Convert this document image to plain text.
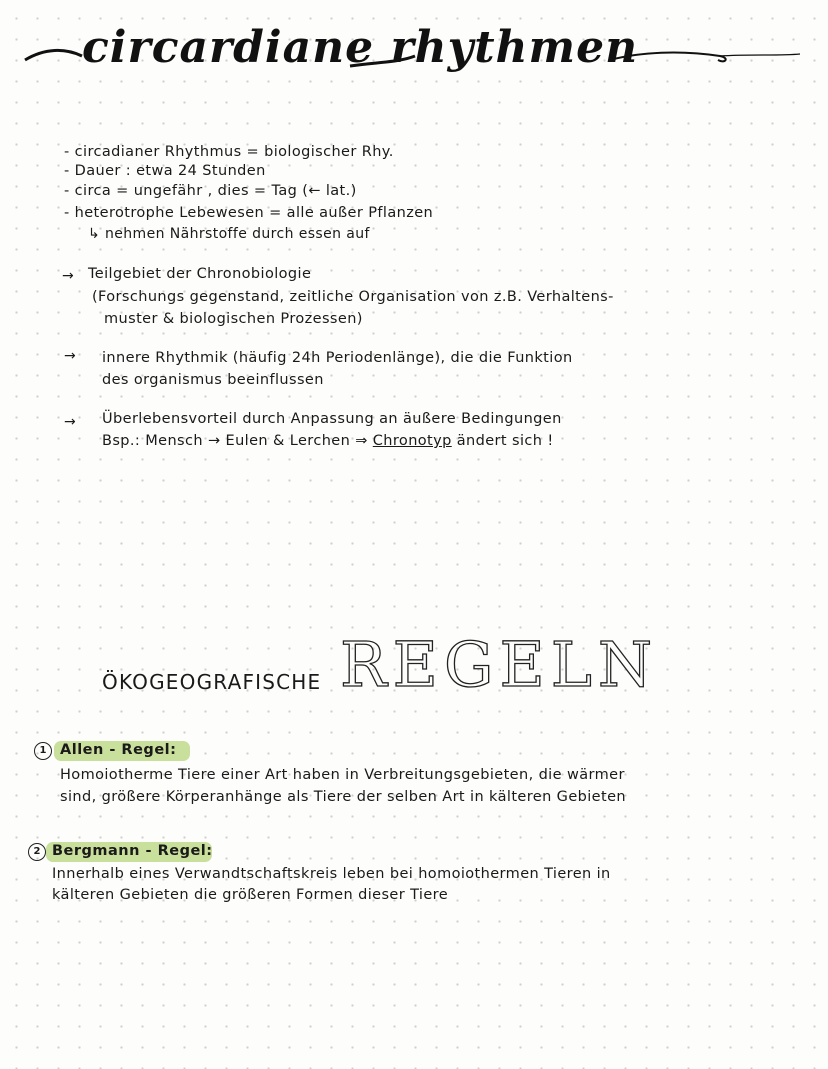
circardiane rhythmen
- circadianer Rhythmus = biologischer Rhy.
- Dauer : etwa 24 Stunden
- circa = ungefähr , dies = Tag (← lat.)
- heterotrophe Lebewesen = alle außer Pflanzen
↳ nehmen Nährstoffe durch essen auf
→ Teilgebiet der Chronobiologie
(Forschungs gegenstand, zeitliche Organisation von z.B. Verhaltens-
muster & biologischen Prozessen)
→ innere Rhythmik (häufig 24h Periodenlänge), die die Funktion
des organismus beeinflussen
→ Überlebensvorteil durch Anpassung an äußere Bedingungen
Bsp.: Mensch → Eulen & Lerchen ⇒ Chronotyp ändert sich !
ÖKOGEOGRAFISCHE REGELN
1 Allen - Regel:
Homoiotherme Tiere einer Art haben in Verbreitungsgebieten, die wärmer
sind, größere Körperanhänge als Tiere der selben Art in kälteren Gebieten
2 Bergmann - Regel:
Innerhalb eines Verwandtschaftskreis leben bei homoiothermen Tieren in
kälteren Gebieten die größeren Formen dieser Tiere
